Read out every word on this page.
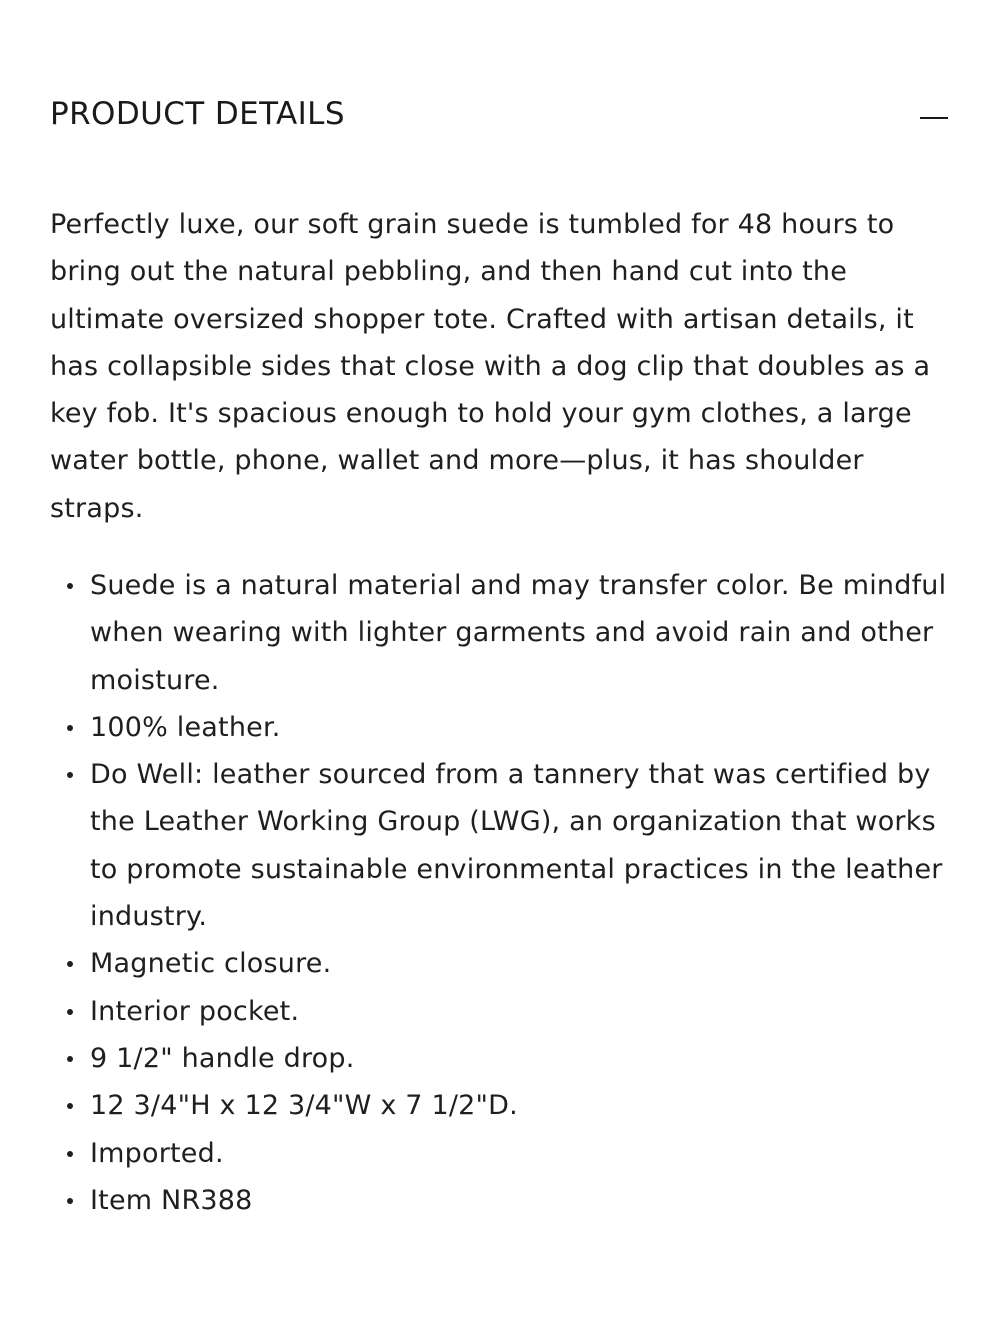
PRODUCT DETAILS

Perfectly luxe, our soft grain suede is tumbled for 48 hours to bring out the natural pebbling, and then hand cut into the ultimate oversized shopper tote. Crafted with artisan details, it has collapsible sides that close with a dog clip that doubles as a key fob. It's spacious enough to hold your gym clothes, a large water bottle, phone, wallet and more—plus, it has shoulder straps.

Suede is a natural material and may transfer color. Be mindful when wearing with lighter garments and avoid rain and other moisture.
100% leather.
Do Well: leather sourced from a tannery that was certified by the Leather Working Group (LWG), an organization that works to promote sustainable environmental practices in the leather industry.
Magnetic closure.
Interior pocket.
9 1/2" handle drop.
12 3/4"H x 12 3/4"W x 7 1/2"D.
Imported.
Item NR388
